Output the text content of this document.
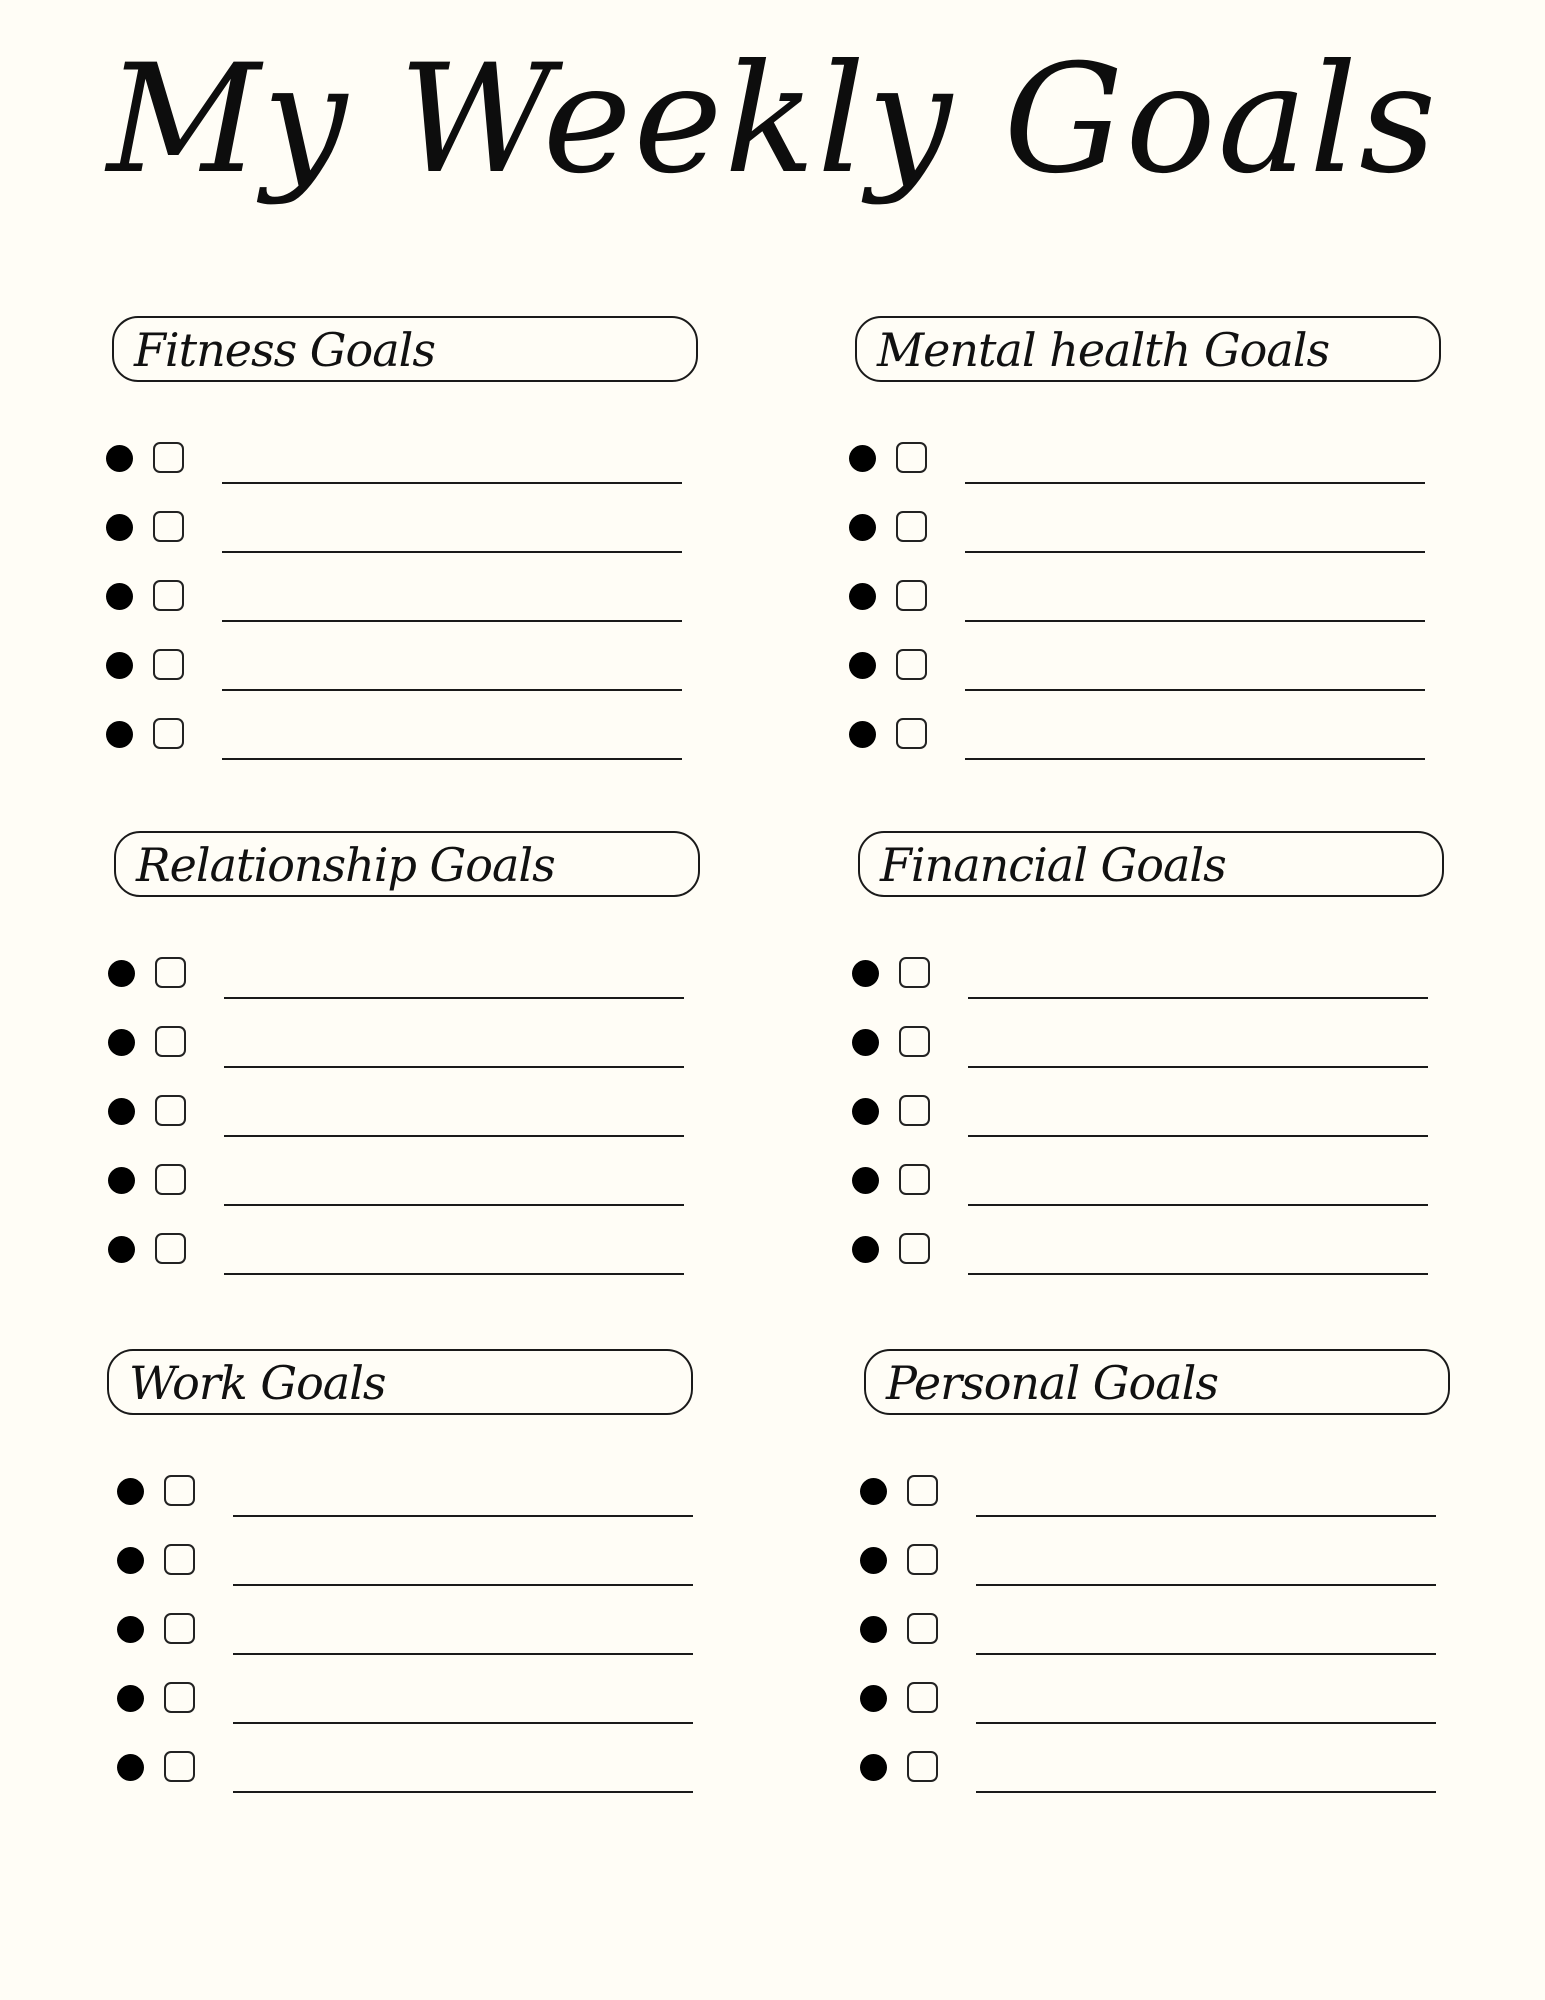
My Weekly Goals
Fitness Goals	Mental health Goals
Relationship Goals	Financial Goals
Work Goals	Personal Goals
